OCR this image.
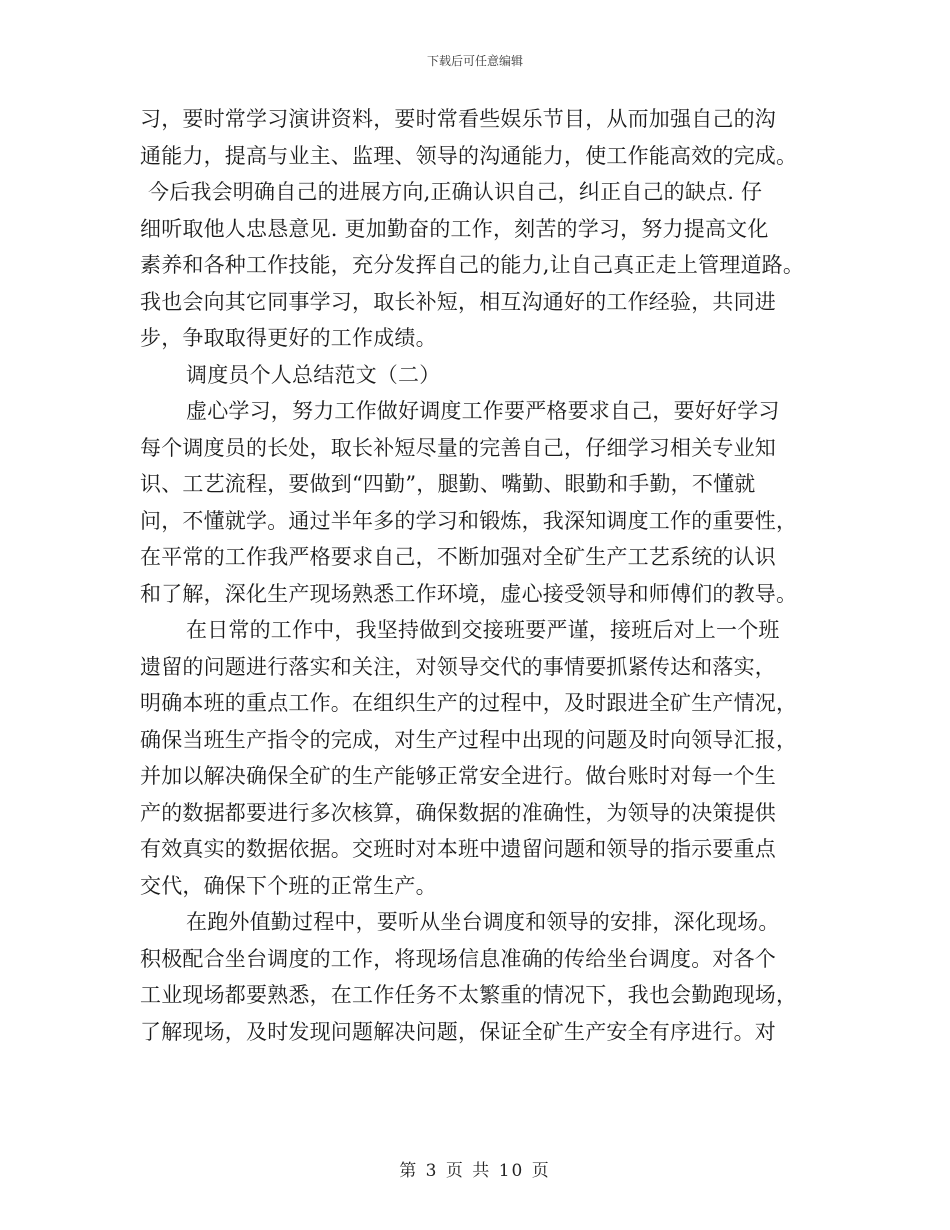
下载后可任意编辑
习，要时常学习演讲资料，要时常看些娱乐节目，从而加强自己的沟
通能力，提高与业主、监理、领导的沟通能力，使工作能高效的完成。
今后我会明确自己的进展方向,正确认识自己，纠正自己的缺点. 仔
细听取他人忠恳意见. 更加勤奋的工作，刻苦的学习，努力提高文化
素养和各种工作技能，充分发挥自己的能力,让自己真正走上管理道路。
我也会向其它同事学习，取长补短，相互沟通好的工作经验，共同进
步，争取取得更好的工作成绩。
调度员个人总结范文（二）
虚心学习，努力工作做好调度工作要严格要求自己，要好好学习
每个调度员的长处，取长补短尽量的完善自己，仔细学习相关专业知
识、工艺流程，要做到“四勤”，腿勤、嘴勤、眼勤和手勤，不懂就
问，不懂就学。通过半年多的学习和锻炼，我深知调度工作的重要性，
在平常的工作我严格要求自己，不断加强对全矿生产工艺系统的认识
和了解，深化生产现场熟悉工作环境，虚心接受领导和师傅们的教导。
在日常的工作中，我坚持做到交接班要严谨，接班后对上一个班
遗留的问题进行落实和关注，对领导交代的事情要抓紧传达和落实，
明确本班的重点工作。在组织生产的过程中，及时跟进全矿生产情况，
确保当班生产指令的完成，对生产过程中出现的问题及时向领导汇报，
并加以解决确保全矿的生产能够正常安全进行。做台账时对每一个生
产的数据都要进行多次核算，确保数据的准确性，为领导的决策提供
有效真实的数据依据。交班时对本班中遗留问题和领导的指示要重点
交代，确保下个班的正常生产。
在跑外值勤过程中，要听从坐台调度和领导的安排，深化现场。
积极配合坐台调度的工作，将现场信息准确的传给坐台调度。对各个
工业现场都要熟悉，在工作任务不太繁重的情况下，我也会勤跑现场，
了解现场，及时发现问题解决问题，保证全矿生产安全有序进行。对
第 3 页 共 10 页
